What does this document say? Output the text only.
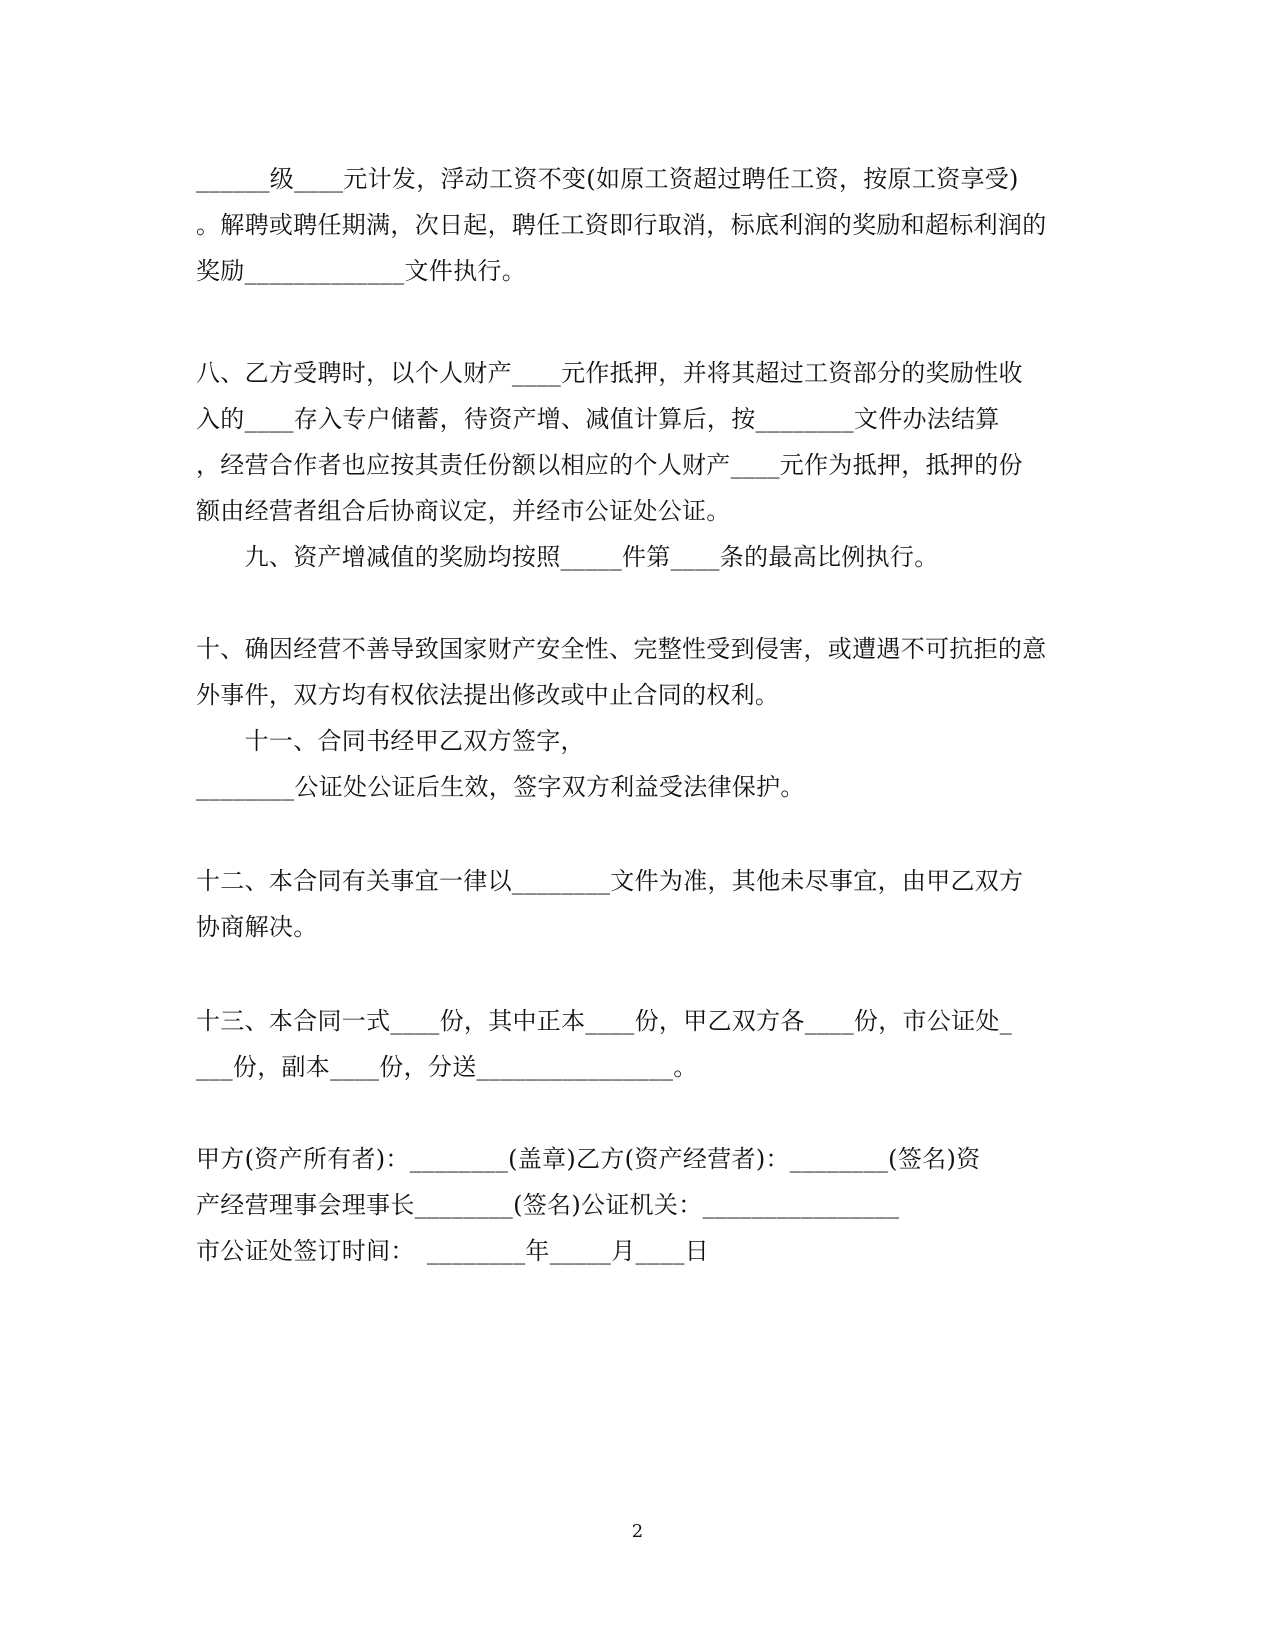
______级____元计发，浮动工资不变(如原工资超过聘任工资，按原工资享受)
。解聘或聘任期满，次日起，聘任工资即行取消，标底利润的奖励和超标利润的
奖励_____________文件执行。
八、乙方受聘时，以个人财产____元作抵押，并将其超过工资部分的奖励性收
入的____存入专户储蓄，待资产增、减值计算后，按________文件办法结算
，经营合作者也应按其责任份额以相应的个人财产____元作为抵押，抵押的份
额由经营者组合后协商议定，并经市公证处公证。
　　九、资产增减值的奖励均按照_____件第____条的最高比例执行。
十、确因经营不善导致国家财产安全性、完整性受到侵害，或遭遇不可抗拒的意
外事件，双方均有权依法提出修改或中止合同的权利。
　　十一、合同书经甲乙双方签字，
________公证处公证后生效，签字双方利益受法律保护。
十二、本合同有关事宜一律以________文件为准，其他未尽事宜，由甲乙双方
协商解决。
十三、本合同一式____份，其中正本____份，甲乙双方各____份，市公证处_
___份，副本____份，分送________________。
甲方(资产所有者)：________(盖章)乙方(资产经营者)：________(签名)资
产经营理事会理事长________(签名)公证机关：________________
市公证处签订时间：　________年_____月____日
2
